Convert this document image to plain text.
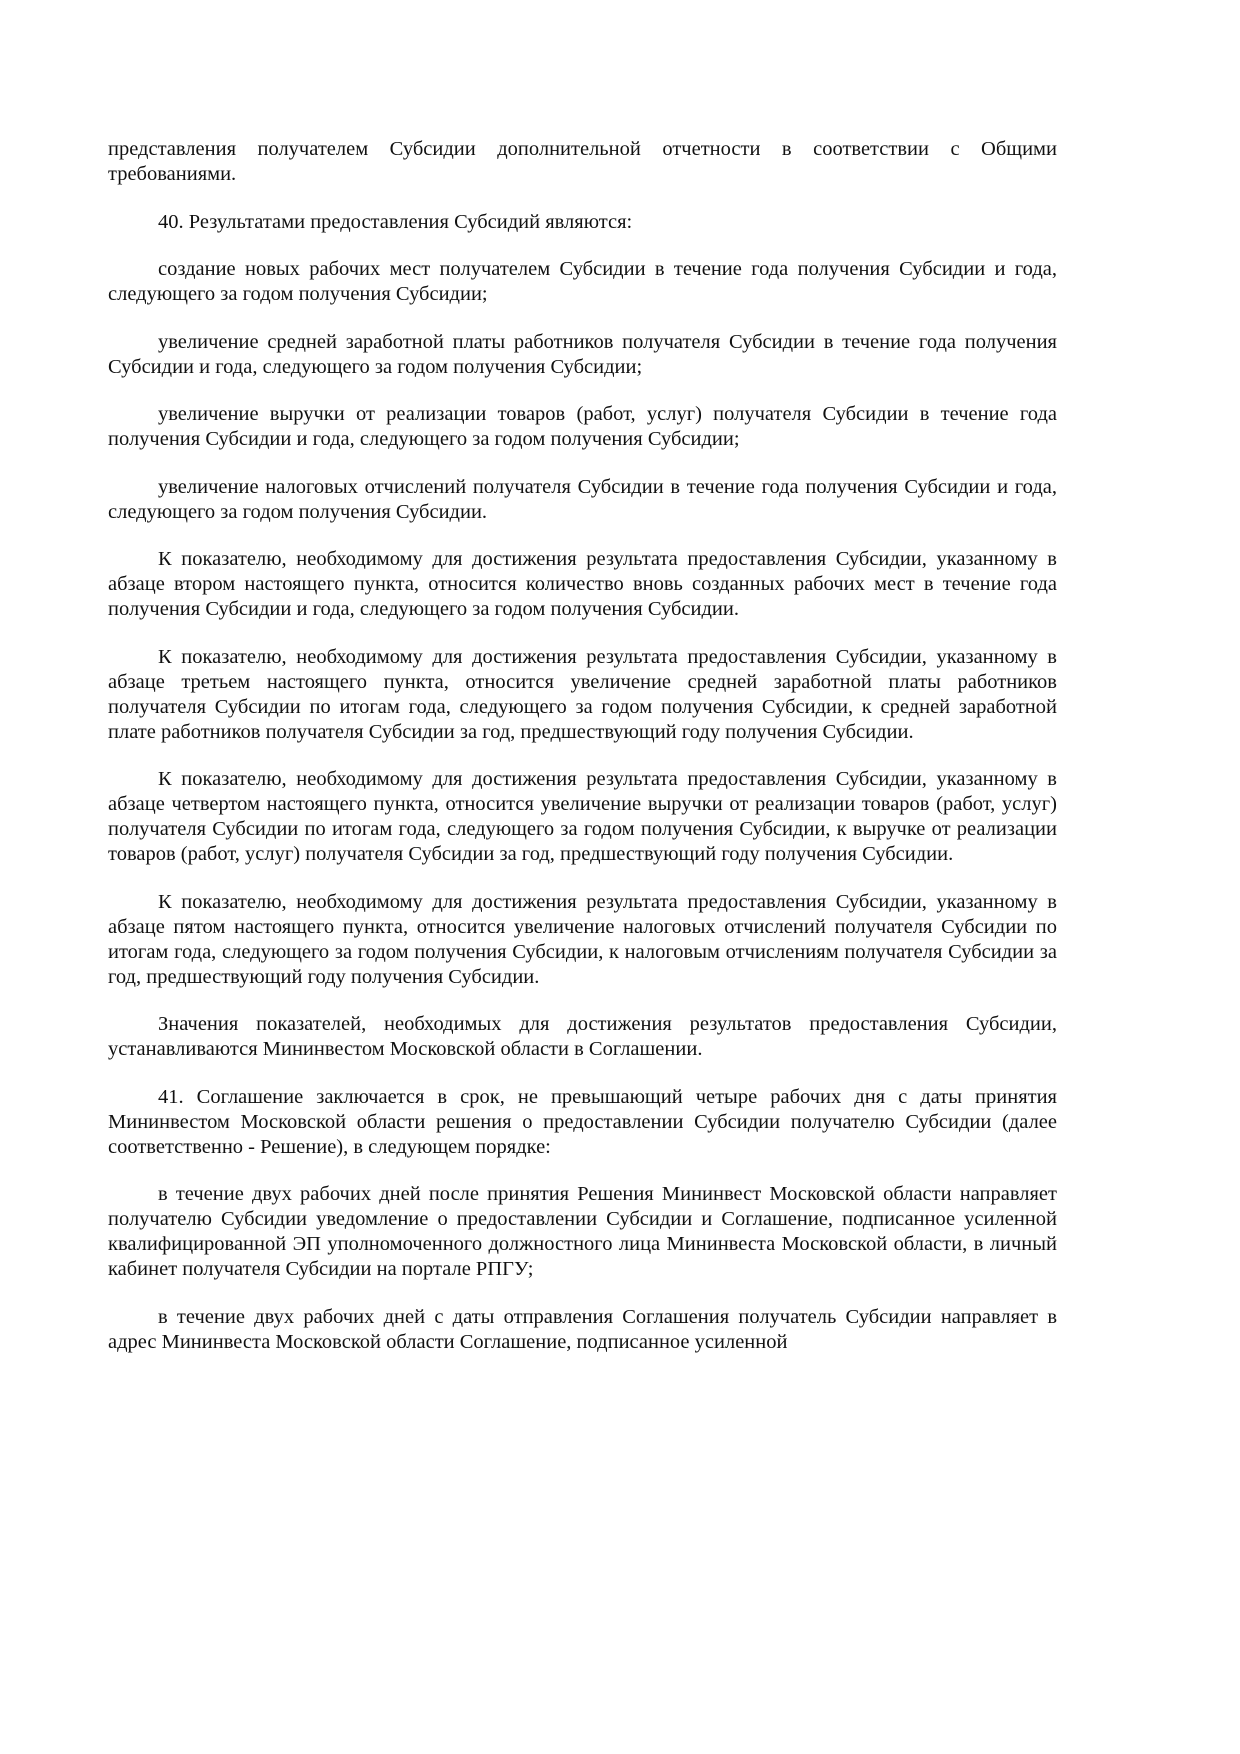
представления получателем Субсидии дополнительной отчетности в соответствии с Общими требованиями.

40. Результатами предоставления Субсидий являются:

создание новых рабочих мест получателем Субсидии в течение года получения Субсидии и года, следующего за годом получения Субсидии;

увеличение средней заработной платы работников получателя Субсидии в течение года получения Субсидии и года, следующего за годом получения Субсидии;

увеличение выручки от реализации товаров (работ, услуг) получателя Субсидии в течение года получения Субсидии и года, следующего за годом получения Субсидии;

увеличение налоговых отчислений получателя Субсидии в течение года получения Субсидии и года, следующего за годом получения Субсидии.

К показателю, необходимому для достижения результата предоставления Субсидии, указанному в абзаце втором настоящего пункта, относится количество вновь созданных рабочих мест в течение года получения Субсидии и года, следующего за годом получения Субсидии.

К показателю, необходимому для достижения результата предоставления Субсидии, указанному в абзаце третьем настоящего пункта, относится увеличение средней заработной платы работников получателя Субсидии по итогам года, следующего за годом получения Субсидии, к средней заработной плате работников получателя Субсидии за год, предшествующий году получения Субсидии.

К показателю, необходимому для достижения результата предоставления Субсидии, указанному в абзаце четвертом настоящего пункта, относится увеличение выручки от реализации товаров (работ, услуг) получателя Субсидии по итогам года, следующего за годом получения Субсидии, к выручке от реализации товаров (работ, услуг) получателя Субсидии за год, предшествующий году получения Субсидии.

К показателю, необходимому для достижения результата предоставления Субсидии, указанному в абзаце пятом настоящего пункта, относится увеличение налоговых отчислений получателя Субсидии по итогам года, следующего за годом получения Субсидии, к налоговым отчислениям получателя Субсидии за год, предшествующий году получения Субсидии.

Значения показателей, необходимых для достижения результатов предоставления Субсидии, устанавливаются Мининвестом Московской области в Соглашении.

41. Соглашение заключается в срок, не превышающий четыре рабочих дня с даты принятия Мининвестом Московской области решения о предоставлении Субсидии получателю Субсидии (далее соответственно - Решение), в следующем порядке:

в течение двух рабочих дней после принятия Решения Мининвест Московской области направляет получателю Субсидии уведомление о предоставлении Субсидии и Соглашение, подписанное усиленной квалифицированной ЭП уполномоченного должностного лица Мининвеста Московской области, в личный кабинет получателя Субсидии на портале РПГУ;

в течение двух рабочих дней с даты отправления Соглашения получатель Субсидии направляет в адрес Мининвеста Московской области Соглашение, подписанное усиленной
